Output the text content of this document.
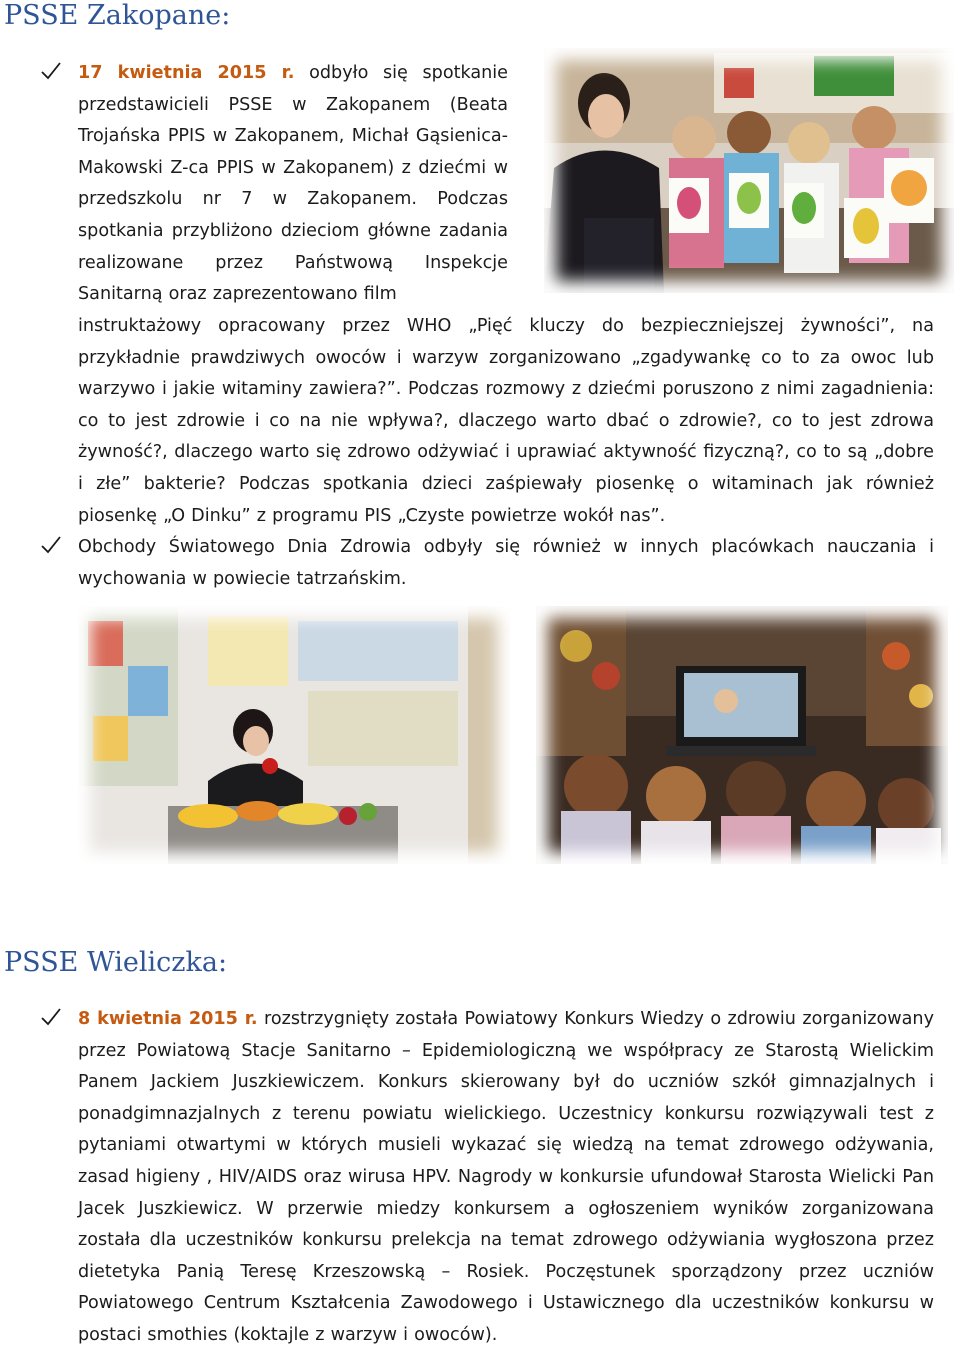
PSSE Zakopane:

17 kwietnia 2015 r. odbyło się spotkanie przedstawicieli PSSE w Zakopanem (Beata Trojańska PPIS w Zakopanem, Michał Gąsienica-Makowski Z-ca PPIS w Zakopanem) z dziećmi w przedszkolu nr 7 w Zakopanem. Podczas spotkania przybliżono dzieciom główne zadania realizowane przez Państwową Inspekcje Sanitarną oraz zaprezentowano film

instruktażowy opracowany przez WHO „Pięć kluczy do bezpieczniejszej żywności”, na przykładnie prawdziwych owoców i warzyw zorganizowano „zgadywankę co to za owoc lub warzywo i jakie witaminy zawiera?”. Podczas rozmowy z dziećmi poruszono z nimi zagadnienia: co to jest zdrowie i co na nie wpływa?, dlaczego warto dbać o zdrowie?, co to jest zdrowa żywność?, dlaczego warto się zdrowo odżywiać i uprawiać aktywność fizyczną?, co to są „dobre i złe” bakterie? Podczas spotkania dzieci zaśpiewały piosenkę o witaminach jak również piosenkę „O Dinku” z programu PIS „Czyste powietrze wokół nas”.

Obchody Światowego Dnia Zdrowia odbyły się również w innych placówkach nauczania i wychowania w powiecie tatrzańskim.

PSSE Wieliczka:

8 kwietnia 2015 r. rozstrzygnięty została Powiatowy Konkurs Wiedzy o zdrowiu zorganizowany przez Powiatową Stacje Sanitarno – Epidemiologiczną we współpracy ze Starostą Wielickim Panem Jackiem Juszkiewiczem. Konkurs skierowany był do uczniów szkół gimnazjalnych i ponadgimnazjalnych z terenu powiatu wielickiego. Uczestnicy konkursu rozwiązywali test z pytaniami otwartymi w których musieli wykazać się wiedzą na temat zdrowego odżywania, zasad higieny , HIV/AIDS oraz wirusa HPV. Nagrody w konkursie ufundował Starosta Wielicki Pan Jacek Juszkiewicz. W przerwie miedzy konkursem a ogłoszeniem wyników zorganizowana została dla uczestników konkursu prelekcja na temat zdrowego odżywiania wygłoszona przez dietetyka Panią Teresę Krzeszowską – Rosiek. Poczęstunek sporządzony przez uczniów Powiatowego Centrum Kształcenia Zawodowego i Ustawicznego dla uczestników konkursu w postaci smothies (koktajle z warzyw i owoców).
